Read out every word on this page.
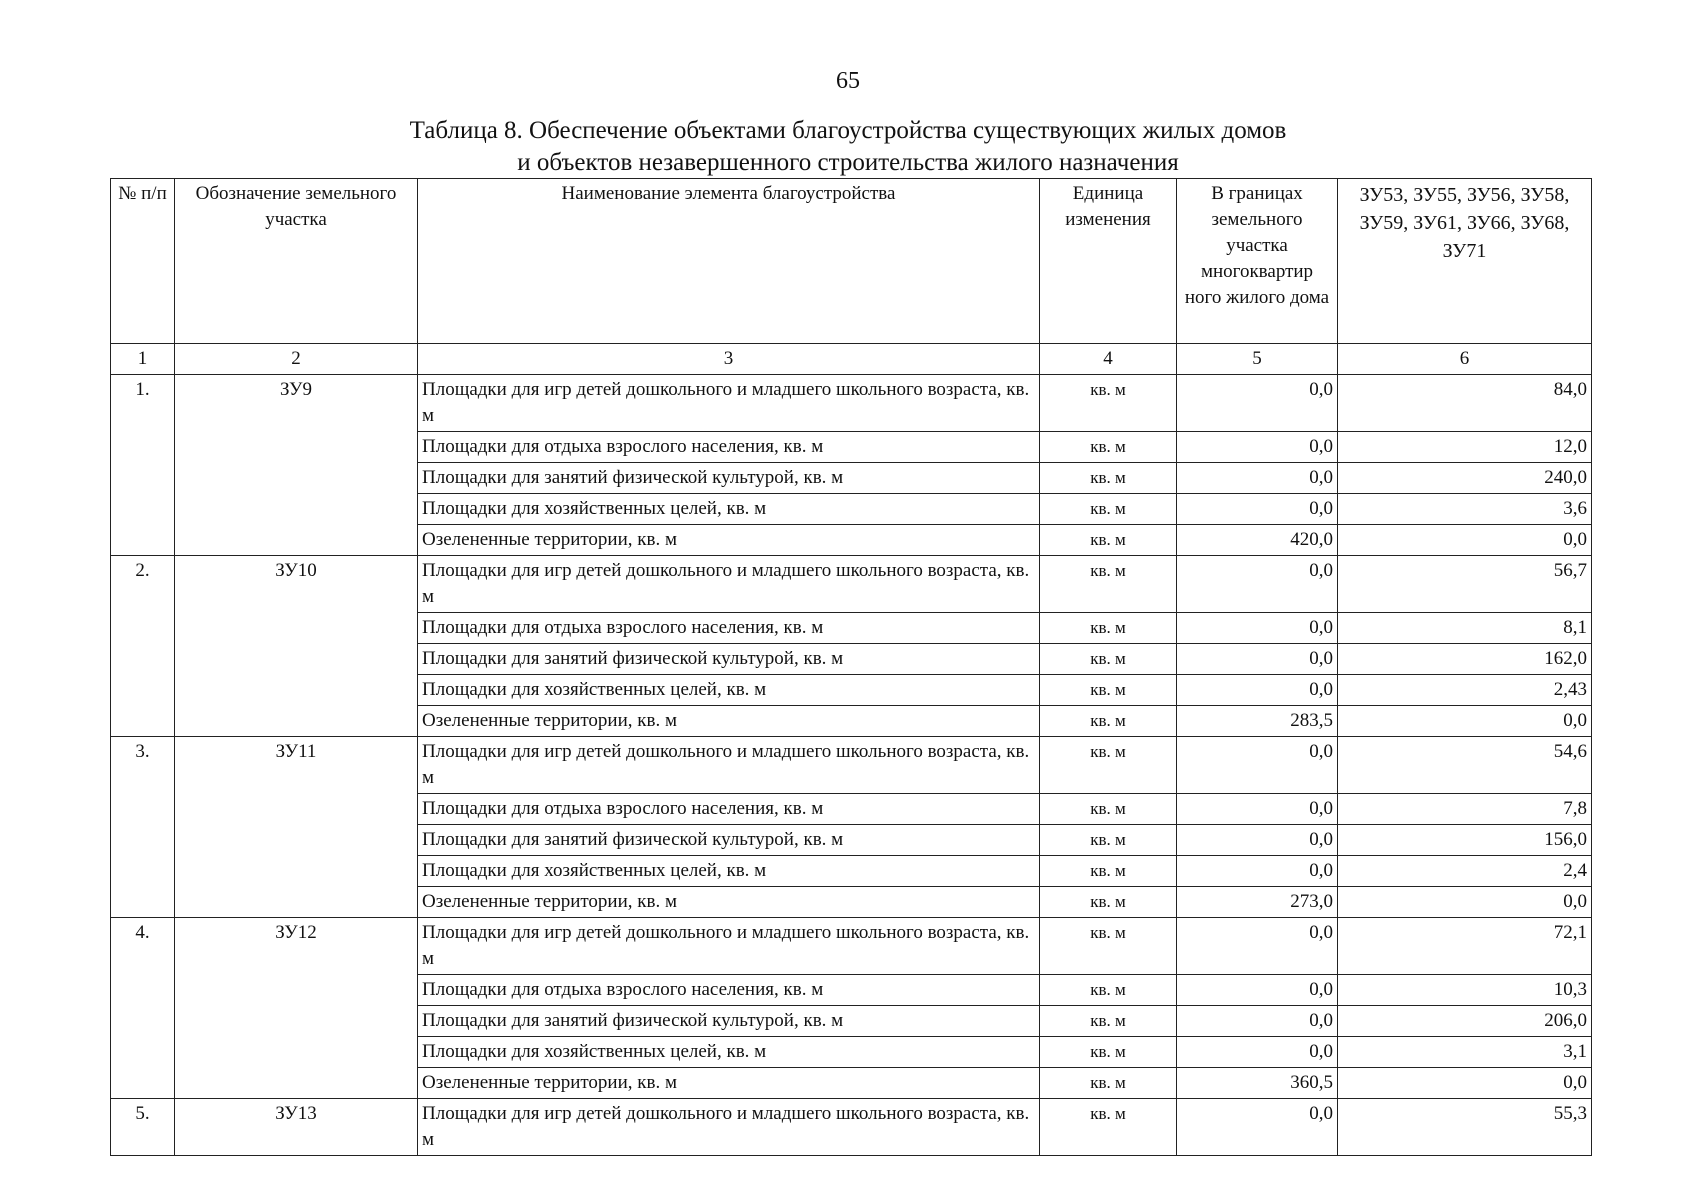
65
Таблица 8. Обеспечение объектами благоустройства существующих жилых домов
и объектов незавершенного строительства жилого назначения
№ п/п	Обозначение земельного участка	Наименование элемента благоустройства	Единица изменения	В границах земельного участка многоквартир ного жилого дома	ЗУ53, ЗУ55, ЗУ56, ЗУ58, ЗУ59, ЗУ61, ЗУ66, ЗУ68, ЗУ71
1	2	3	4	5	6
1.	ЗУ9	Площадки для игр детей дошкольного и младшего школьного возраста, кв. м	кв. м	0,0	84,0
		Площадки для отдыха взрослого населения, кв. м	кв. м	0,0	12,0
		Площадки для занятий физической культурой, кв. м	кв. м	0,0	240,0
		Площадки для хозяйственных целей, кв. м	кв. м	0,0	3,6
		Озелененные территории, кв. м	кв. м	420,0	0,0
2.	ЗУ10	Площадки для игр детей дошкольного и младшего школьного возраста, кв. м	кв. м	0,0	56,7
		Площадки для отдыха взрослого населения, кв. м	кв. м	0,0	8,1
		Площадки для занятий физической культурой, кв. м	кв. м	0,0	162,0
		Площадки для хозяйственных целей, кв. м	кв. м	0,0	2,43
		Озелененные территории, кв. м	кв. м	283,5	0,0
3.	ЗУ11	Площадки для игр детей дошкольного и младшего школьного возраста, кв. м	кв. м	0,0	54,6
		Площадки для отдыха взрослого населения, кв. м	кв. м	0,0	7,8
		Площадки для занятий физической культурой, кв. м	кв. м	0,0	156,0
		Площадки для хозяйственных целей, кв. м	кв. м	0,0	2,4
		Озелененные территории, кв. м	кв. м	273,0	0,0
4.	ЗУ12	Площадки для игр детей дошкольного и младшего школьного возраста, кв. м	кв. м	0,0	72,1
		Площадки для отдыха взрослого населения, кв. м	кв. м	0,0	10,3
		Площадки для занятий физической культурой, кв. м	кв. м	0,0	206,0
		Площадки для хозяйственных целей, кв. м	кв. м	0,0	3,1
		Озелененные территории, кв. м	кв. м	360,5	0,0
5.	ЗУ13	Площадки для игр детей дошкольного и младшего школьного возраста, кв. м	кв. м	0,0	55,3
